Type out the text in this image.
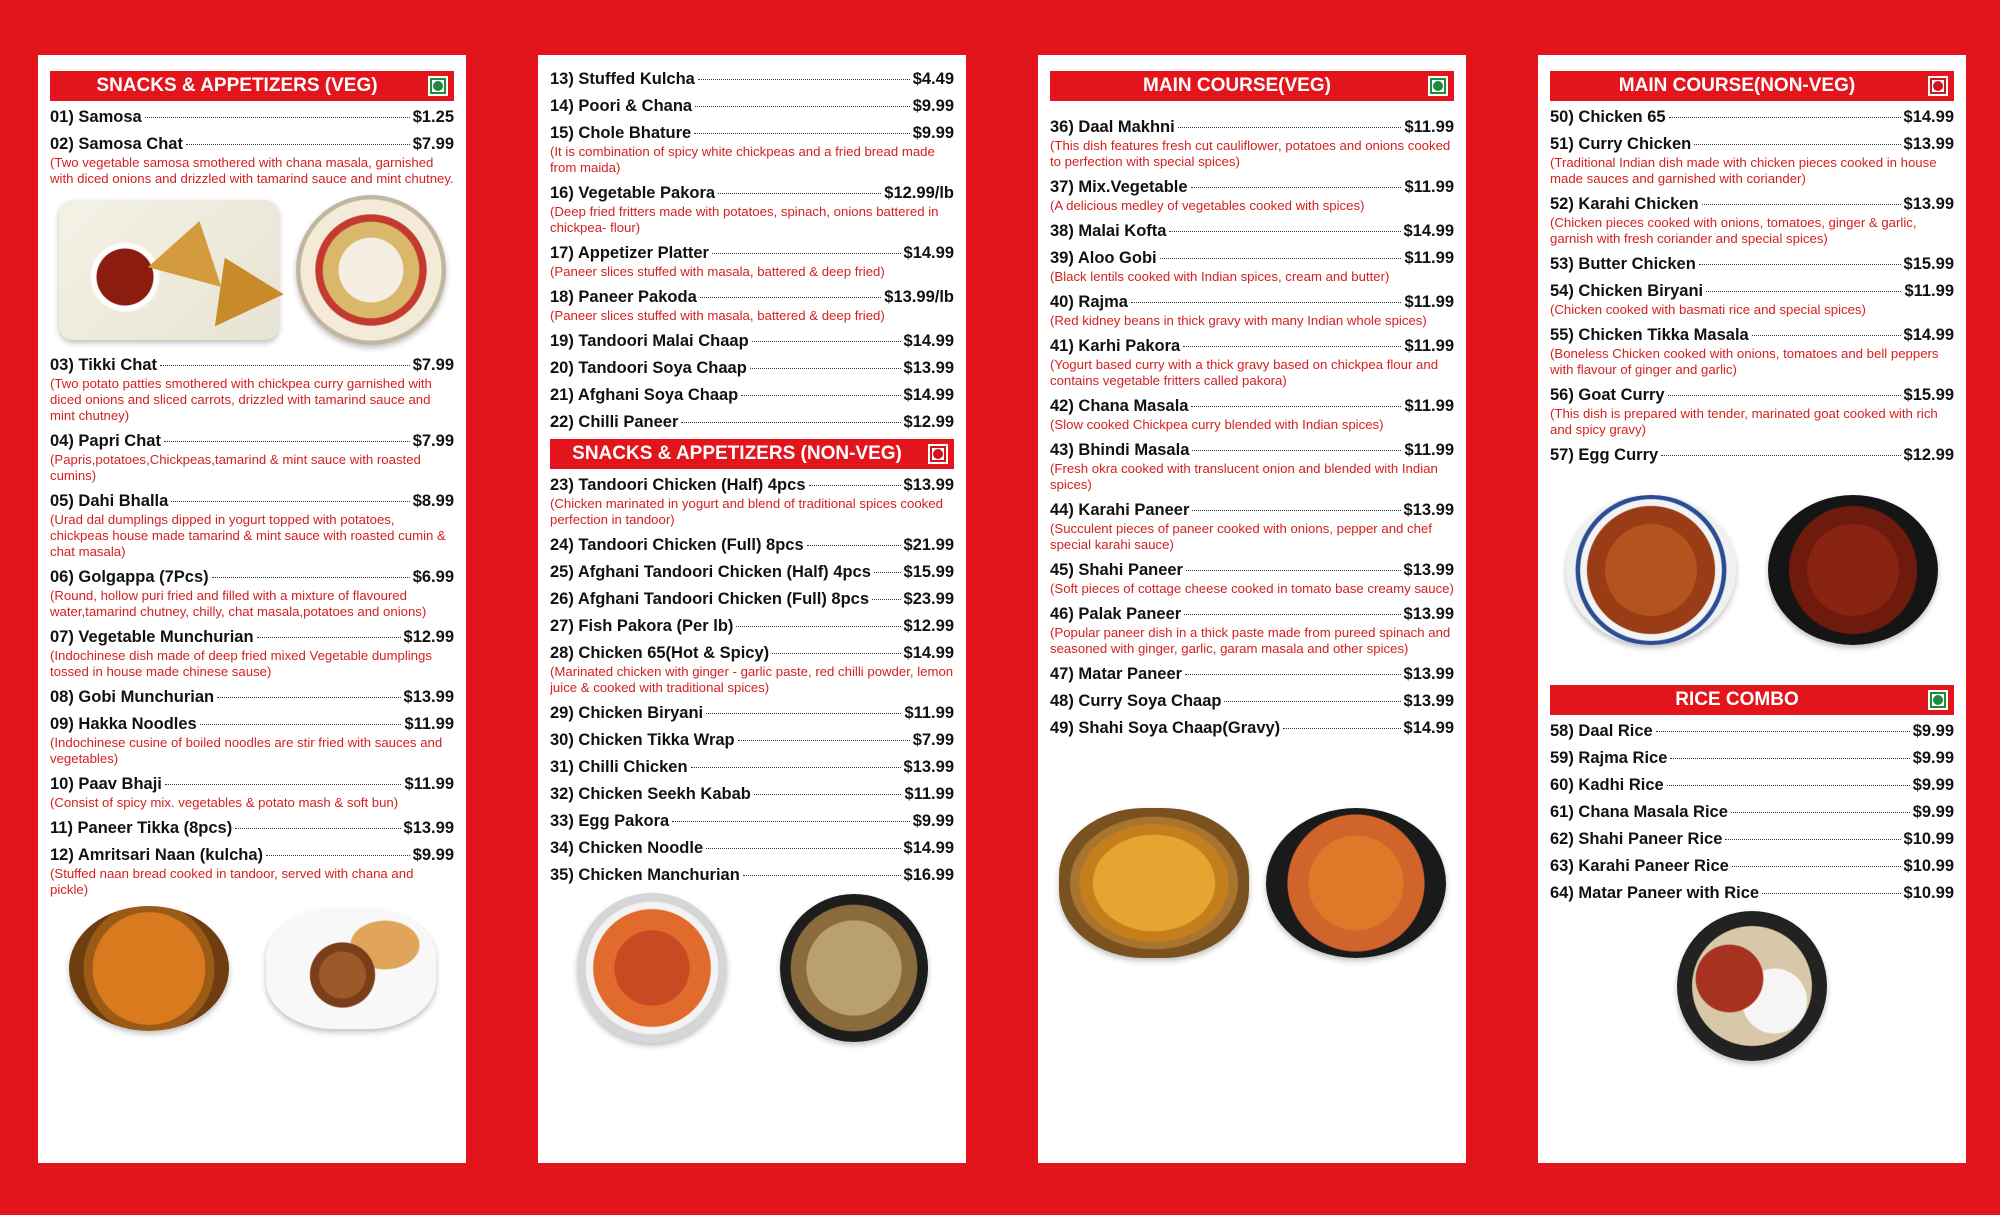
SNACKS & APPETIZERS (VEG)
01) Samosa	$1.25
02) Samosa Chat	$7.99
(Two vegetable samosa smothered with chana masala, garnished with diced onions and drizzled with tamarind sauce and mint chutney.
03) Tikki Chat	$7.99
(Two potato patties smothered with chickpea curry garnished with diced onions and sliced carrots, drizzled with tamarind sauce and mint chutney)
04) Papri Chat	$7.99
(Papris,potatoes,Chickpeas,tamarind & mint sauce with roasted cumins)
05) Dahi Bhalla	$8.99
(Urad dal dumplings dipped in yogurt topped with potatoes, chickpeas house made tamarind & mint sauce with roasted cumin & chat masala)
06) Golgappa (7Pcs)	$6.99
(Round, hollow puri fried and filled with a mixture of flavoured water,tamarind chutney, chilly, chat masala,potatoes and onions)
07) Vegetable Munchurian	$12.99
(Indochinese dish made of deep fried mixed Vegetable dumplings tossed in house made chinese sause)
08) Gobi Munchurian	$13.99
09) Hakka Noodles	$11.99
(Indochinese cusine of boiled noodles are stir fried with sauces and vegetables)
10) Paav Bhaji	$11.99
(Consist of spicy mix. vegetables & potato mash & soft bun)
11) Paneer Tikka (8pcs)	$13.99
12) Amritsari Naan (kulcha)	$9.99
(Stuffed naan bread cooked in tandoor, served with chana and pickle)
13) Stuffed Kulcha	$4.49
14) Poori & Chana	$9.99
15) Chole Bhature	$9.99
(It is combination of spicy white chickpeas and a fried bread made from maida)
16) Vegetable Pakora	$12.99/lb
(Deep fried fritters made with potatoes, spinach, onions battered in chickpea- flour)
17) Appetizer Platter	$14.99
(Paneer slices stuffed with masala, battered & deep fried)
18) Paneer Pakoda	$13.99/lb
(Paneer slices stuffed with masala, battered & deep fried)
19) Tandoori Malai Chaap	$14.99
20) Tandoori Soya Chaap	$13.99
21) Afghani Soya Chaap	$14.99
22) Chilli Paneer	$12.99
SNACKS & APPETIZERS (NON-VEG)
23) Tandoori Chicken (Half) 4pcs	$13.99
(Chicken marinated in yogurt and blend of traditional spices cooked perfection in tandoor)
24) Tandoori Chicken (Full) 8pcs	$21.99
25) Afghani Tandoori Chicken (Half) 4pcs $15.99
26) Afghani Tandoori Chicken (Full) 8pcs $23.99
27) Fish Pakora (Per lb)	$12.99
28) Chicken 65(Hot & Spicy)	$14.99
(Marinated chicken with ginger - garlic paste, red chilli powder, lemon juice & cooked with traditional spices)
29) Chicken Biryani	$11.99
30) Chicken Tikka Wrap	$7.99
31) Chilli Chicken	$13.99
32) Chicken Seekh Kabab	$11.99
33) Egg Pakora	$9.99
34) Chicken Noodle	$14.99
35) Chicken Manchurian	$16.99
MAIN COURSE(VEG)
36) Daal Makhni	$11.99
(This dish features fresh cut cauliflower, potatoes and onions cooked to perfection with special spices)
37) Mix.Vegetable	$11.99
(A delicious medley of vegetables cooked with spices)
38) Malai Kofta	$14.99
39) Aloo Gobi	$11.99
(Black lentils cooked with Indian spices, cream and butter)
40) Rajma	$11.99
(Red kidney beans in thick gravy with many Indian whole spices)
41) Karhi Pakora	$11.99
(Yogurt based curry with a thick gravy based on chickpea flour and contains vegetable fritters called pakora)
42) Chana Masala	$11.99
(Slow cooked Chickpea curry blended with Indian spices)
43) Bhindi Masala	$11.99
(Fresh okra cooked with translucent onion and blended with Indian spices)
44) Karahi Paneer	$13.99
(Succulent pieces of paneer cooked with onions, pepper and chef special karahi sauce)
45) Shahi Paneer	$13.99
(Soft pieces of cottage cheese cooked in tomato base creamy sauce)
46) Palak Paneer	$13.99
(Popular paneer dish in a thick paste made from pureed spinach and seasoned with ginger, garlic, garam masala and other spices)
47) Matar Paneer	$13.99
48) Curry Soya Chaap	$13.99
49) Shahi Soya Chaap(Gravy)	$14.99
MAIN COURSE(NON-VEG)
50) Chicken 65	$14.99
51) Curry Chicken	$13.99
(Traditional Indian dish made with chicken pieces cooked in house made sauces and garnished with coriander)
52) Karahi Chicken	$13.99
(Chicken pieces cooked with onions, tomatoes, ginger & garlic, garnish with fresh coriander and special spices)
53) Butter Chicken	$15.99
54) Chicken Biryani	$11.99
(Chicken cooked with basmati rice and special spices)
55) Chicken Tikka Masala	$14.99
(Boneless Chicken cooked with onions, tomatoes and bell peppers with flavour of ginger and garlic)
56) Goat Curry	$15.99
(This dish is prepared with tender, marinated goat cooked with rich and spicy gravy)
57) Egg Curry	$12.99
RICE COMBO
58) Daal Rice	$9.99
59) Rajma Rice	$9.99
60) Kadhi Rice	$9.99
61) Chana Masala Rice	$9.99
62) Shahi Paneer Rice	$10.99
63) Karahi Paneer Rice	$10.99
64) Matar Paneer with Rice	$10.99
